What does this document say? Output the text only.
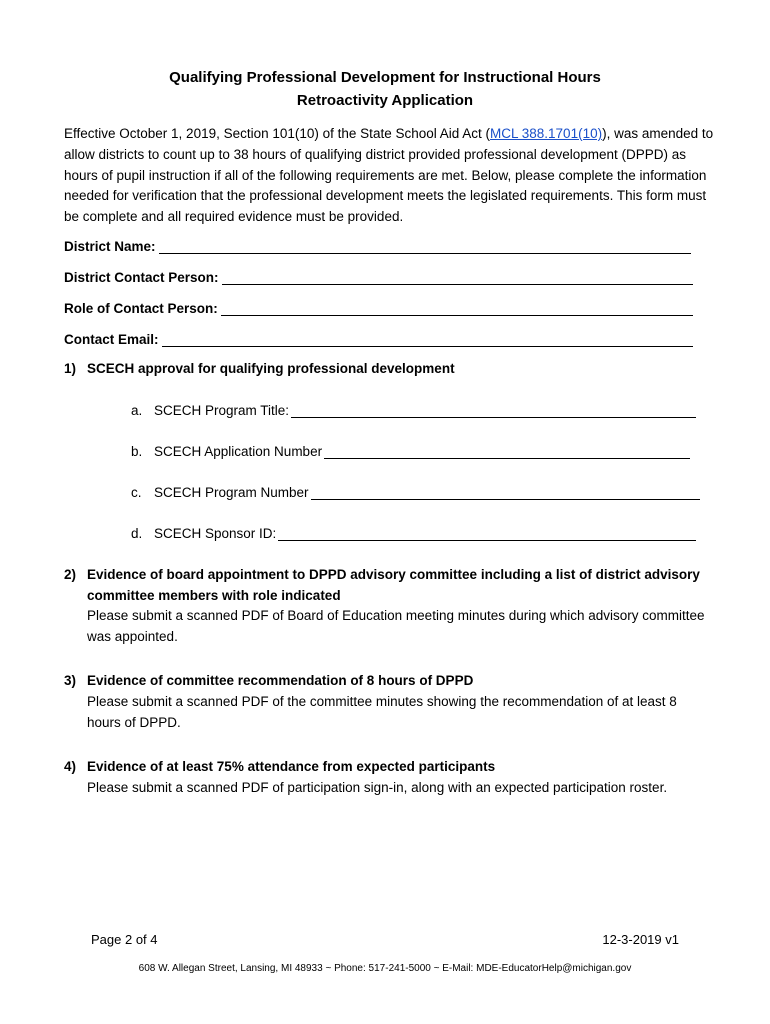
Qualifying Professional Development for Instructional Hours
Retroactivity Application
Effective October 1, 2019, Section 101(10) of the State School Aid Act (MCL 388.1701(10)), was amended to allow districts to count up to 38 hours of qualifying district provided professional development (DPPD) as hours of pupil instruction if all of the following requirements are met. Below, please complete the information needed for verification that the professional development meets the legislated requirements. This form must be complete and all required evidence must be provided.
District Name:
District Contact Person:
Role of Contact Person:
Contact Email:
1) SCECH approval for qualifying professional development
a. SCECH Program Title:
b. SCECH Application Number
c. SCECH Program Number
d. SCECH Sponsor ID:
2) Evidence of board appointment to DPPD advisory committee including a list of district advisory committee members with role indicated
Please submit a scanned PDF of Board of Education meeting minutes during which advisory committee was appointed.
3) Evidence of committee recommendation of 8 hours of DPPD
Please submit a scanned PDF of the committee minutes showing the recommendation of at least 8 hours of DPPD.
4) Evidence of at least 75% attendance from expected participants
Please submit a scanned PDF of participation sign-in, along with an expected participation roster.
Page 2 of 4	12-3-2019 v1
608 W. Allegan Street, Lansing, MI 48933 ~ Phone: 517-241-5000 ~ E-Mail: MDE-EducatorHelp@michigan.gov
